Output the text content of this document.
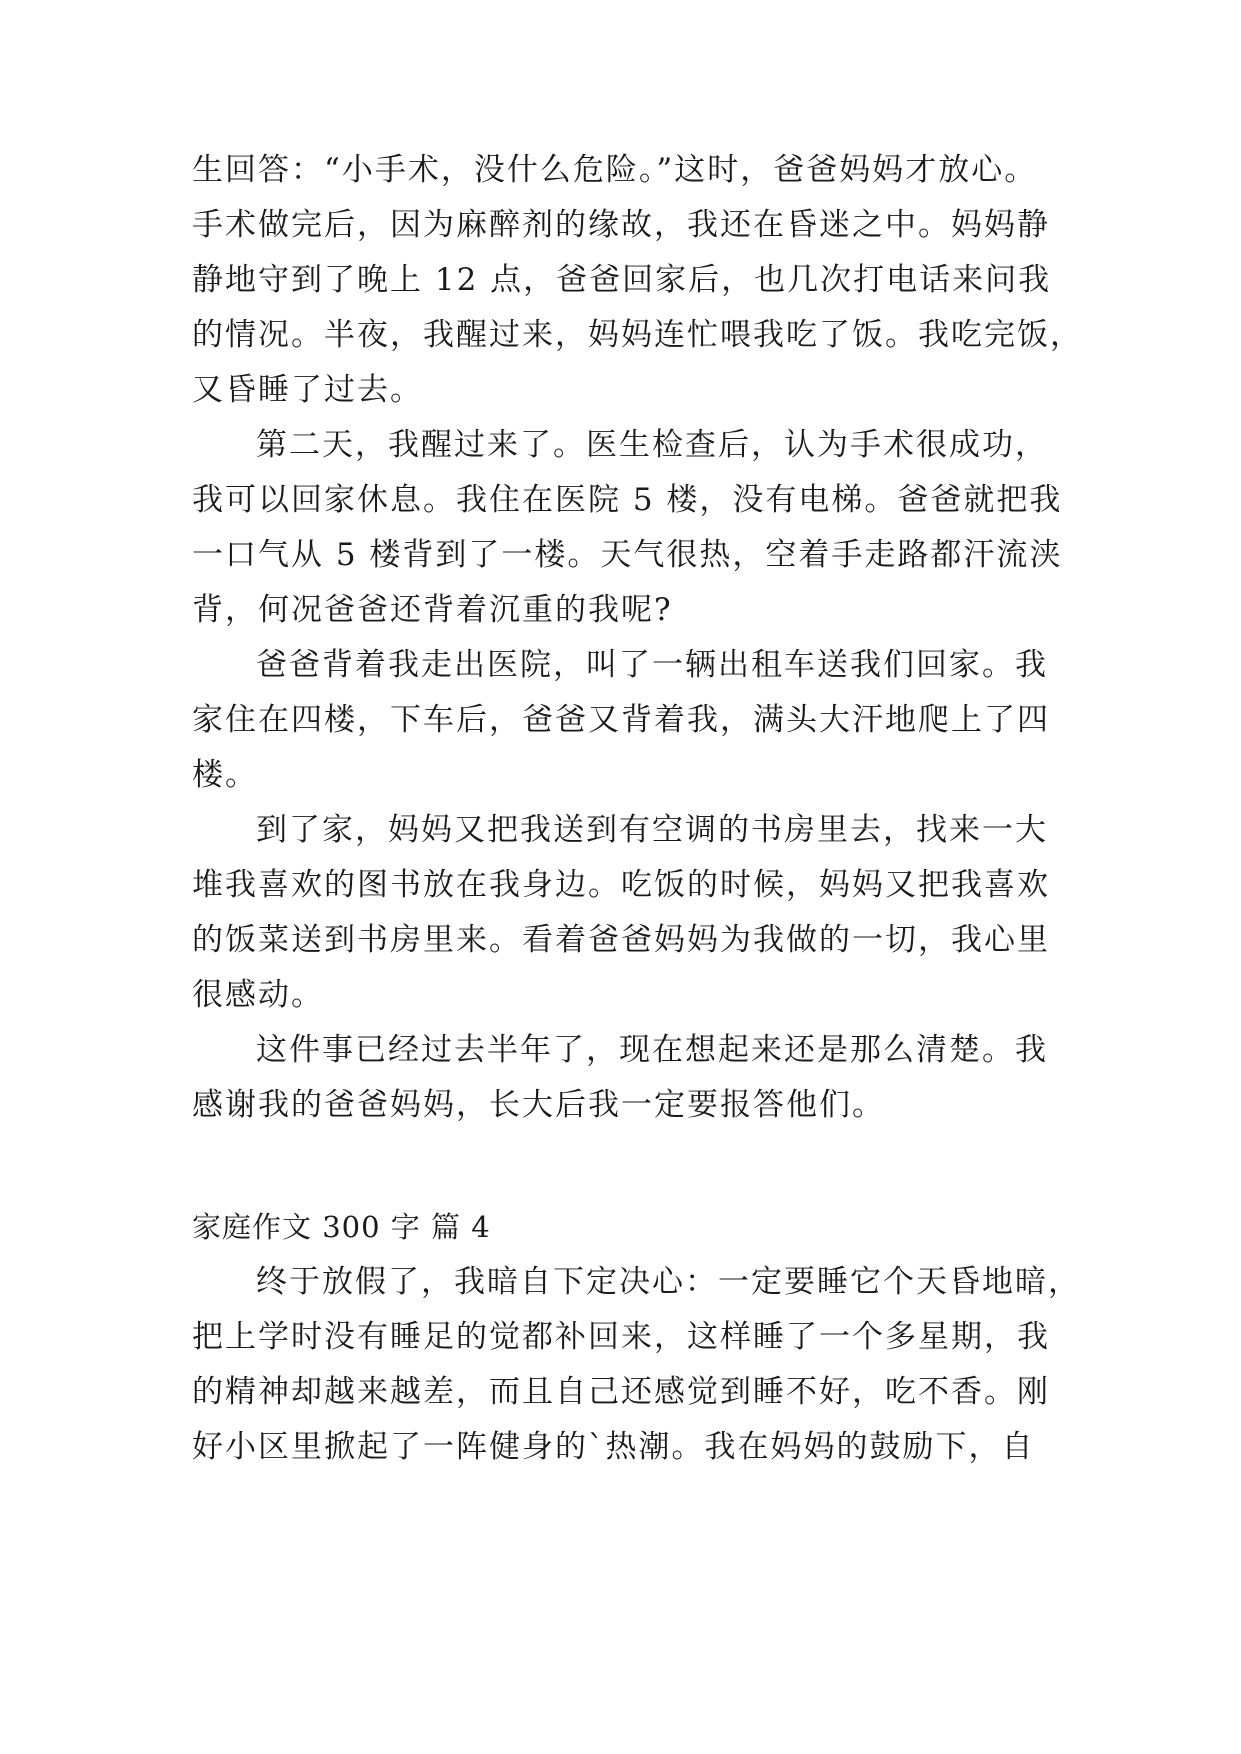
生回答：“小手术，没什么危险。”这时，爸爸妈妈才放心。
手术做完后，因为麻醉剂的缘故，我还在昏迷之中。妈妈静
静地守到了晚上 12 点，爸爸回家后，也几次打电话来问我
的情况。半夜，我醒过来，妈妈连忙喂我吃了饭。我吃完饭，
又昏睡了过去。
第二天，我醒过来了。医生检查后，认为手术很成功，
我可以回家休息。我住在医院 5 楼，没有电梯。爸爸就把我
一口气从 5 楼背到了一楼。天气很热，空着手走路都汗流浃
背，何况爸爸还背着沉重的我呢?
爸爸背着我走出医院，叫了一辆出租车送我们回家。我
家住在四楼，下车后，爸爸又背着我，满头大汗地爬上了四
楼。
到了家，妈妈又把我送到有空调的书房里去，找来一大
堆我喜欢的图书放在我身边。吃饭的时候，妈妈又把我喜欢
的饭菜送到书房里来。看着爸爸妈妈为我做的一切，我心里
很感动。
这件事已经过去半年了，现在想起来还是那么清楚。我
感谢我的爸爸妈妈，长大后我一定要报答他们。
家庭作文 300 字 篇 4
终于放假了，我暗自下定决心：一定要睡它个天昏地暗，
把上学时没有睡足的觉都补回来，这样睡了一个多星期，我
的精神却越来越差，而且自己还感觉到睡不好，吃不香。刚
好小区里掀起了一阵健身的`热潮。我在妈妈的鼓励下，自
